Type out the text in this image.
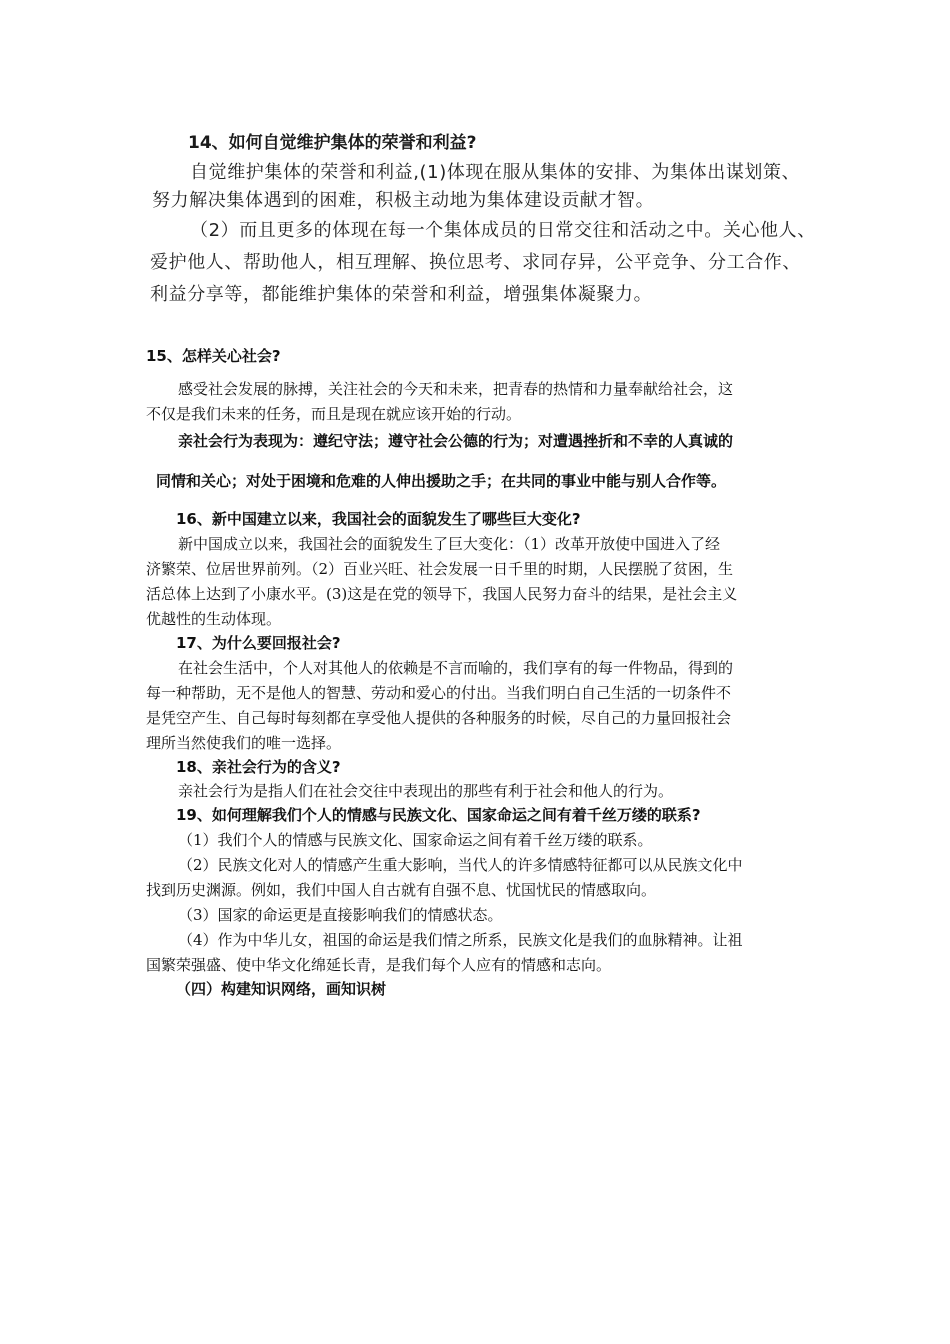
14、如何自觉维护集体的荣誉和利益?
自觉维护集体的荣誉和利益,(1)体现在服从集体的安排、为集体出谋划策、
努力解决集体遇到的困难，积极主动地为集体建设贡献才智。
（2）而且更多的体现在每一个集体成员的日常交往和活动之中。关心他人、
爱护他人、帮助他人，相互理解、换位思考、求同存异，公平竞争、分工合作、
利益分享等，都能维护集体的荣誉和利益，增强集体凝聚力。
15、怎样关心社会?
感受社会发展的脉搏，关注社会的今天和未来，把青春的热情和力量奉献给社会，这
不仅是我们未来的任务，而且是现在就应该开始的行动。
亲社会行为表现为：遵纪守法；遵守社会公德的行为；对遭遇挫折和不幸的人真诚的
同情和关心；对处于困境和危难的人伸出援助之手；在共同的事业中能与别人合作等。
16、新中国建立以来，我国社会的面貌发生了哪些巨大变化?
新中国成立以来，我国社会的面貌发生了巨大变化：（1）改革开放使中国进入了经
济繁荣、位居世界前列。（2）百业兴旺、社会发展一日千里的时期，人民摆脱了贫困，生
活总体上达到了小康水平。(3)这是在党的领导下，我国人民努力奋斗的结果，是社会主义
优越性的生动体现。
17、为什么要回报社会?
在社会生活中，个人对其他人的依赖是不言而喻的，我们享有的每一件物品，得到的
每一种帮助，无不是他人的智慧、劳动和爱心的付出。当我们明白自己生活的一切条件不
是凭空产生、自己每时每刻都在享受他人提供的各种服务的时候，尽自己的力量回报社会
理所当然使我们的唯一选择。
18、亲社会行为的含义?
亲社会行为是指人们在社会交往中表现出的那些有利于社会和他人的行为。
19、如何理解我们个人的情感与民族文化、国家命运之间有着千丝万缕的联系?
（1）我们个人的情感与民族文化、国家命运之间有着千丝万缕的联系。
（2）民族文化对人的情感产生重大影响，当代人的许多情感特征都可以从民族文化中
找到历史渊源。例如，我们中国人自古就有自强不息、忧国忧民的情感取向。
（3）国家的命运更是直接影响我们的情感状态。
（4）作为中华儿女，祖国的命运是我们情之所系，民族文化是我们的血脉精神。让祖
国繁荣强盛、使中华文化绵延长青，是我们每个人应有的情感和志向。
（四）构建知识网络，画知识树
